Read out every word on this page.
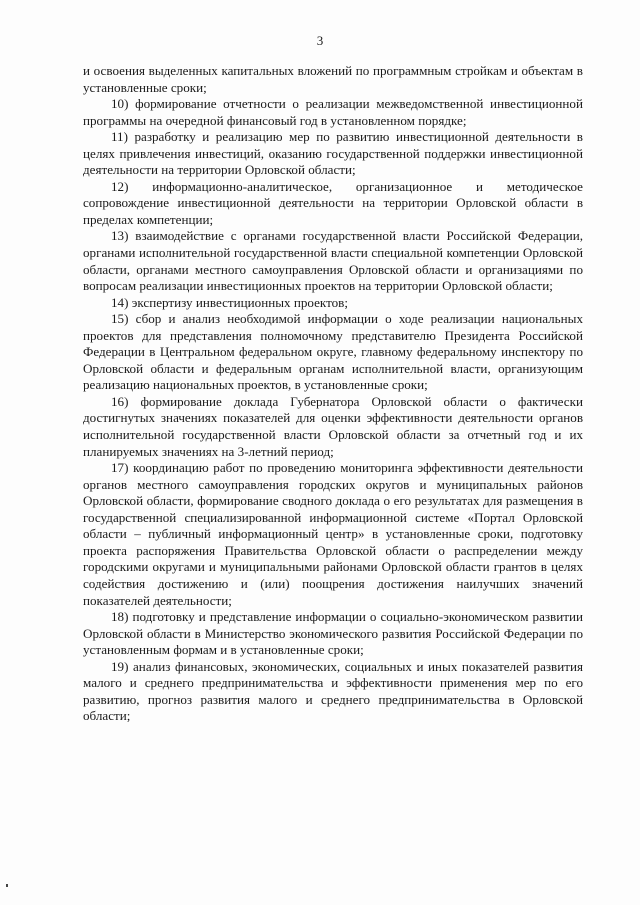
3

и освоения выделенных капитальных вложений по программным стройкам и объектам в установленные сроки;

10) формирование отчетности о реализации межведомственной инвестиционной программы на очередной финансовый год в установленном порядке;

11) разработку и реализацию мер по развитию инвестиционной деятельности в целях привлечения инвестиций, оказанию государственной поддержки инвестиционной деятельности на территории Орловской области;

12) информационно-аналитическое, организационное и методическое сопровождение инвестиционной деятельности на территории Орловской области в пределах компетенции;

13) взаимодействие с органами государственной власти Российской Федерации, органами исполнительной государственной власти специальной компетенции Орловской области, органами местного самоуправления Орловской области и организациями по вопросам реализации инвестиционных проектов на территории Орловской области;

14) экспертизу инвестиционных проектов;

15) сбор и анализ необходимой информации о ходе реализации национальных проектов для представления полномочному представителю Президента Российской Федерации в Центральном федеральном округе, главному федеральному инспектору по Орловской области и федеральным органам исполнительной власти, организующим реализацию национальных проектов, в установленные сроки;

16) формирование доклада Губернатора Орловской области о фактически достигнутых значениях показателей для оценки эффективности деятельности органов исполнительной государственной власти Орловской области за отчетный год и их планируемых значениях на 3-летний период;

17) координацию работ по проведению мониторинга эффективности деятельности органов местного самоуправления городских округов и муниципальных районов Орловской области, формирование сводного доклада о его результатах для размещения в государственной специализированной информационной системе «Портал Орловской области – публичный информационный центр» в установленные сроки, подготовку проекта распоряжения Правительства Орловской области о распределении между городскими округами и муниципальными районами Орловской области грантов в целях содействия достижению и (или) поощрения достижения наилучших значений показателей деятельности;

18) подготовку и представление информации о социально-экономическом развитии Орловской области в Министерство экономического развития Российской Федерации по установленным формам и в установленные сроки;

19) анализ финансовых, экономических, социальных и иных показателей развития малого и среднего предпринимательства и эффективности применения мер по его развитию, прогноз развития малого и среднего предпринимательства в Орловской области;
